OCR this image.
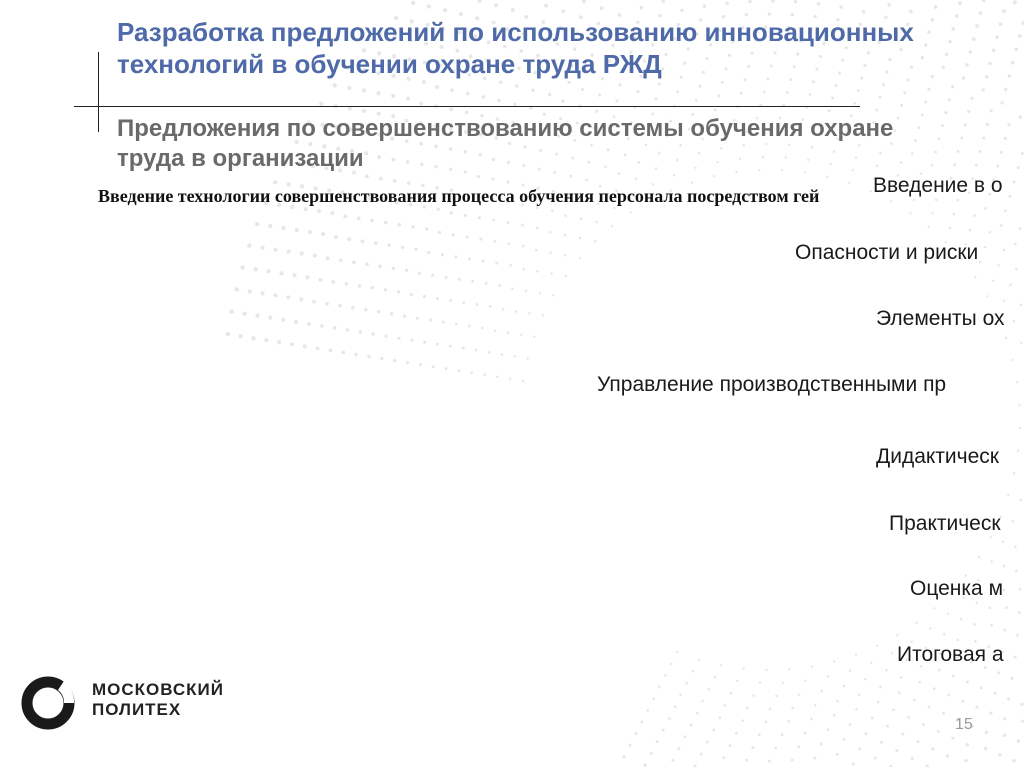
Разработка предложений по использованию инновационных технологий в обучении охране труда РЖД
Предложения по совершенствованию системы обучения охране труда в организации
Введение технологии совершенствования процесса обучения персонала посредством гей	Введение в о
Опасности и риски
Элементы ох
Управление производственными пр
Дидактическ
Практическ
Оценка м
Итоговая а
МОСКОВСКИЙ
ПОЛИТЕХ
15
